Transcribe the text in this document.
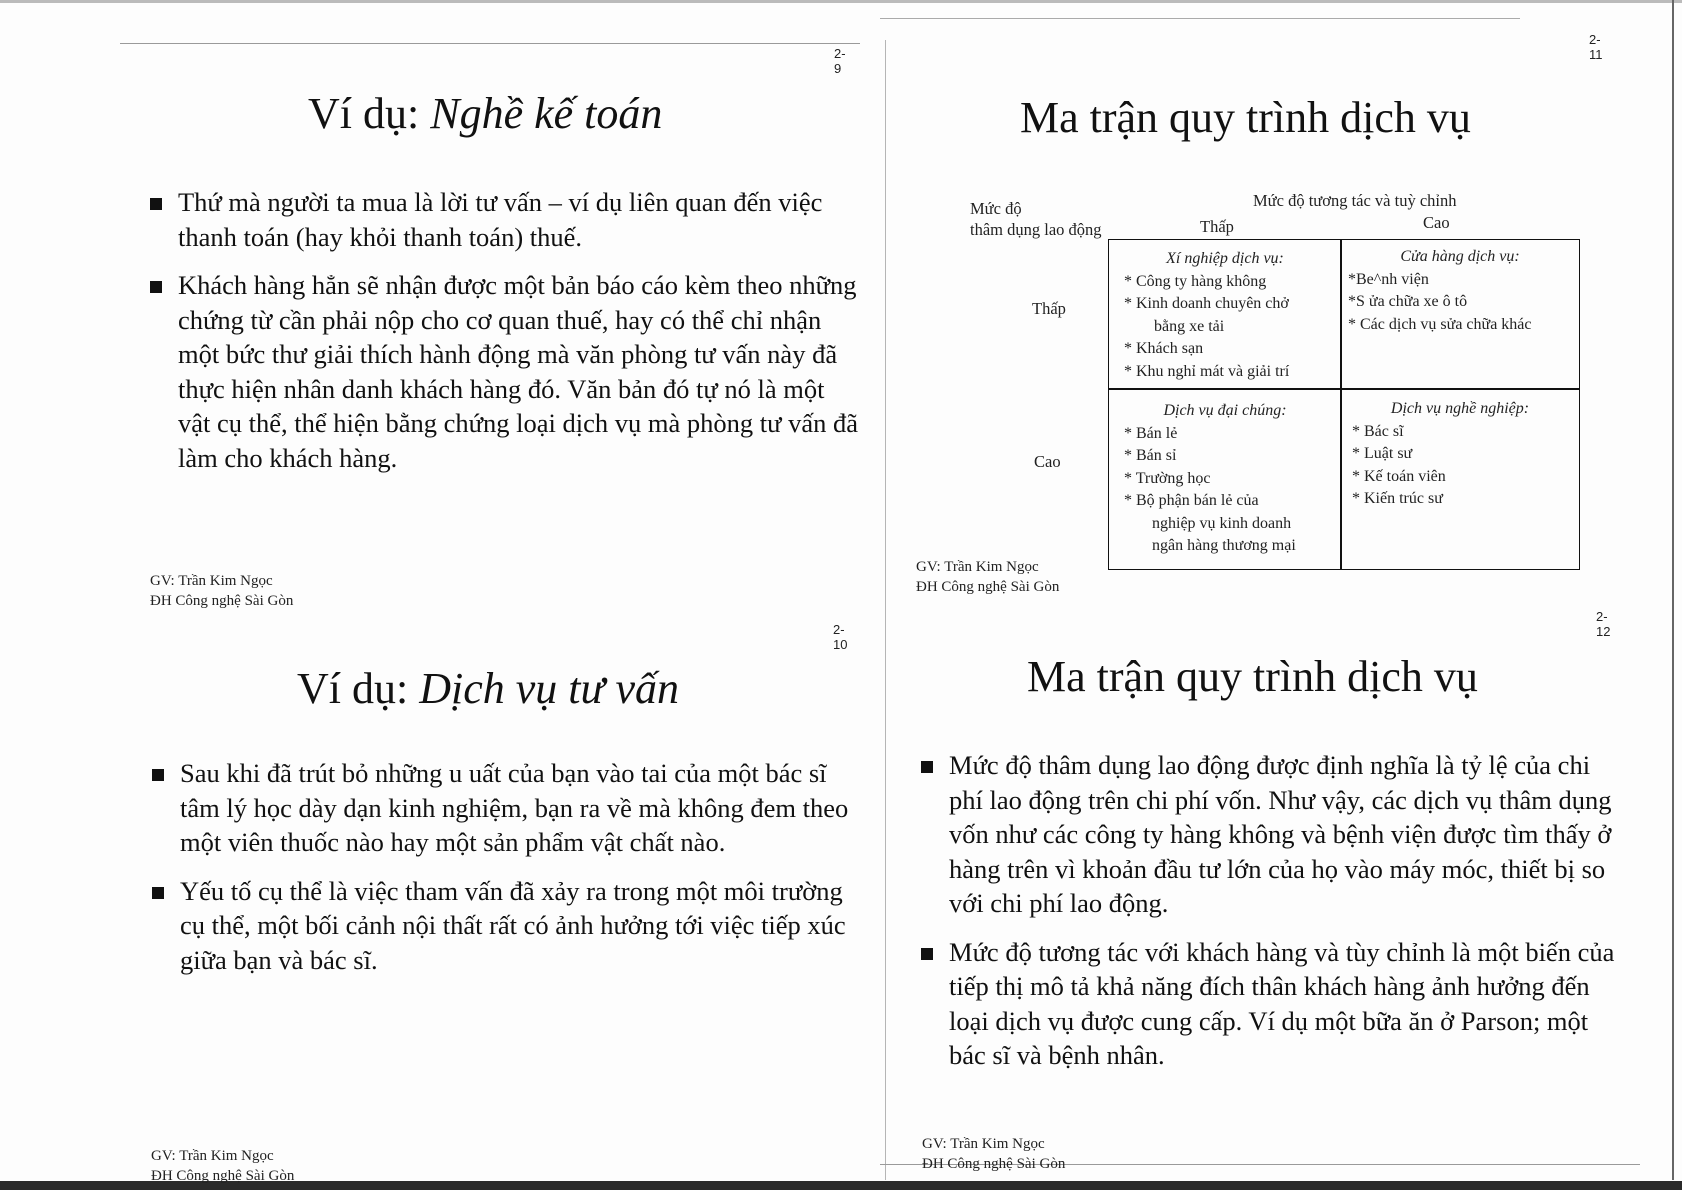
2-9
Ví dụ: Nghề kế toán
Thứ mà người ta mua là lời tư vấn – ví dụ liên quan đến việc thanh toán (hay khỏi thanh toán) thuế.
Khách hàng hẳn sẽ nhận được một bản báo cáo kèm theo những chứng từ cần phải nộp cho cơ quan thuế, hay có thể chỉ nhận một bức thư giải thích hành động mà văn phòng tư vấn này đã thực hiện nhân danh khách hàng đó. Văn bản đó tự nó là một vật cụ thể, thể hiện bằng chứng loại dịch vụ mà phòng tư vấn đã làm cho khách hàng.
GV: Trần Kim Ngọc
ĐH Công nghệ Sài Gòn
2-10
Ví dụ: Dịch vụ tư vấn
Sau khi đã trút bỏ những u uất của bạn vào tai của một bác sĩ tâm lý học dày dạn kinh nghiệm, bạn ra về mà không đem theo một viên thuốc nào hay một sản phẩm vật chất nào.
Yếu tố cụ thể là việc tham vấn đã xảy ra trong một môi trường cụ thể, một bối cảnh nội thất rất có ảnh hưởng tới việc tiếp xúc giữa bạn và bác sĩ.
GV: Trần Kim Ngọc
ĐH Công nghệ Sài Gòn
2-11
Ma trận quy trình dịch vụ
Mức độ
thâm dụng lao động
Mức độ tương tác và tuỳ chỉnh
Thấp	Cao
Thấp
Cao
Xí nghiệp dịch vụ:
* Công ty hàng không
* Kinh doanh chuyên chở
bằng xe tải
* Khách sạn
* Khu nghỉ mát và giải trí
Cửa hàng dịch vụ:
*Be^nh viện
*S ửa chữa xe ô tô
* Các dịch vụ sửa chữa khác
Dịch vụ đại chúng:
* Bán lẻ
* Bán sỉ
* Trường học
* Bộ phận bán lẻ của
nghiệp vụ kinh doanh
ngân hàng thương mại
Dịch vụ nghề nghiệp:
* Bác sĩ
* Luật sư
* Kế toán viên
* Kiến trúc sư
GV: Trần Kim Ngọc
ĐH Công nghệ Sài Gòn
2-12
Ma trận quy trình dịch vụ
Mức độ thâm dụng lao động được định nghĩa là tỷ lệ của chi phí lao động trên chi phí vốn. Như vậy, các dịch vụ thâm dụng vốn như các công ty hàng không và bệnh viện được tìm thấy ở hàng trên vì khoản đầu tư lớn của họ vào máy móc, thiết bị so với chi phí lao động.
Mức độ tương tác với khách hàng và tùy chỉnh là một biến của tiếp thị mô tả khả năng đích thân khách hàng ảnh hưởng đến loại dịch vụ được cung cấp. Ví dụ một bữa ăn ở Parson; một bác sĩ và bệnh nhân.
GV: Trần Kim Ngọc
ĐH Công nghệ Sài Gòn
